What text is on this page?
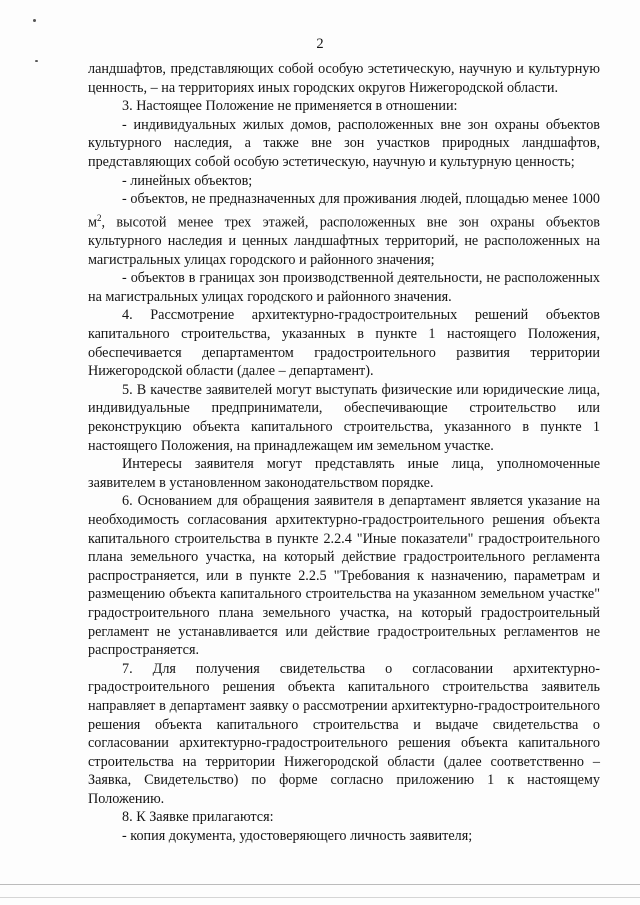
2

ландшафтов, представляющих собой особую эстетическую, научную и культурную ценность, – на территориях иных городских округов Нижегородской области.

3. Настоящее Положение не применяется в отношении:

- индивидуальных жилых домов, расположенных вне зон охраны объектов культурного наследия, а также вне зон участков природных ландшафтов, представляющих собой особую эстетическую, научную и культурную ценность;

- линейных объектов;

- объектов, не предназначенных для проживания людей, площадью менее 1000 $м^2$, высотой менее трех этажей, расположенных вне зон охраны объектов культурного наследия и ценных ландшафтных территорий, не расположенных на магистральных улицах городского и районного значения;

- объектов в границах зон производственной деятельности, не расположенных на магистральных улицах городского и районного значения.

4. Рассмотрение архитектурно-градостроительных решений объектов капитального строительства, указанных в пункте 1 настоящего Положения, обеспечивается департаментом градостроительного развития территории Нижегородской области (далее – департамент).

5. В качестве заявителей могут выступать физические или юридические лица, индивидуальные предприниматели, обеспечивающие строительство или реконструкцию объекта капитального строительства, указанного в пункте 1 настоящего Положения, на принадлежащем им земельном участке.

Интересы заявителя могут представлять иные лица, уполномоченные заявителем в установленном законодательством порядке.

6. Основанием для обращения заявителя в департамент является указание на необходимость согласования архитектурно-градостроительного решения объекта капитального строительства в пункте 2.2.4 "Иные показатели" градостроительного плана земельного участка, на который действие градостроительного регламента распространяется, или в пункте 2.2.5 "Требования к назначению, параметрам и размещению объекта капитального строительства на указанном земельном участке" градостроительного плана земельного участка, на который градостроительный регламент не устанавливается или действие градостроительных регламентов не распространяется.

7. Для получения свидетельства о согласовании архитектурно-градостроительного решения объекта капитального строительства заявитель направляет в департамент заявку о рассмотрении архитектурно-градостроительного решения объекта капитального строительства и выдаче свидетельства о согласовании архитектурно-градостроительного решения объекта капитального строительства на территории Нижегородской области (далее соответственно – Заявка, Свидетельство) по форме согласно приложению 1 к настоящему Положению.

8. К Заявке прилагаются:

- копия документа, удостоверяющего личность заявителя;
